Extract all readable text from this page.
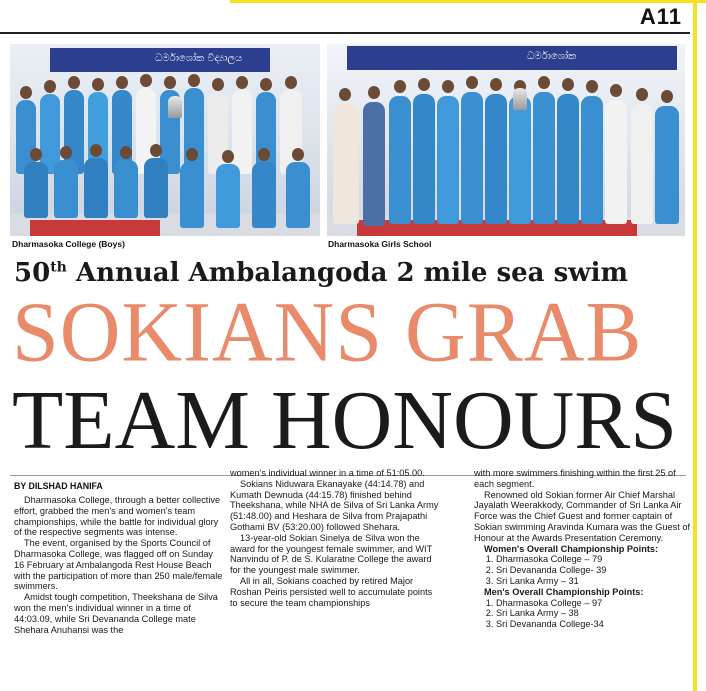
A11
ධර්මාශෝක විද්‍යාලය	ධර්මාශෝක
Dharmasoka College (Boys)	Dharmasoka Girls School
50th Annual Ambalangoda 2 mile sea swim
SOKIANS GRAB
TEAM HONOURS
BY DILSHAD HANIFA

Dharmasoka College, through a better collective effort, grabbed the men's and women's team championships, while the battle for individual glory of the respective segments was intense.

The event, organised by the Sports Council of Dharmasoka College, was flagged off on Sunday 16 February at Ambalangoda Rest House Beach with the participation of more than 250 male/female swimmers.

Amidst tough competition, Theekshana de Silva won the men's individual winner in a time of 44:03.09, while Sri Devananda College mate Shehara Anuhansi was the

women's individual winner in a time of 51:05.00.

Sokians Niduwara Ekanayake (44:14.78) and Kumath Dewnuda (44:15.78) finished behind Theekshana, while NHA de Silva of Sri Lanka Army (51:48.00) and Heshara de Silva from Prajapathi Gothami BV (53:20.00) followed Shehara.

13-year-old Sokian Sinelya de Silva won the award for the youngest female swimmer, and WIT Nanvindu of P. de S. Kularatne College the award for the youngest male swimmer.

All in all, Sokians coached by retired Major Roshan Peiris persisted well to accumulate points to secure the team championships

with more swimmers finishing within the first 25 of each segment.

Renowned old Sokian former Air Chief Marshal Jayalath Weerakkody, Commander of Sri Lanka Air Force was the Chief Guest and former captain of Sokian swimming Aravinda Kumara was the Guest of Honour at the Awards Presentation Ceremony.

Women's Overall Championship Points:
1. Dharmasoka College – 79
2. Sri Devananda College- 39
3. Sri Lanka Army – 31
Men's Overall Championship Points:
1. Dharmasoka College – 97
2. Sri Lanka Army – 38
3. Sri Devananda College-34
